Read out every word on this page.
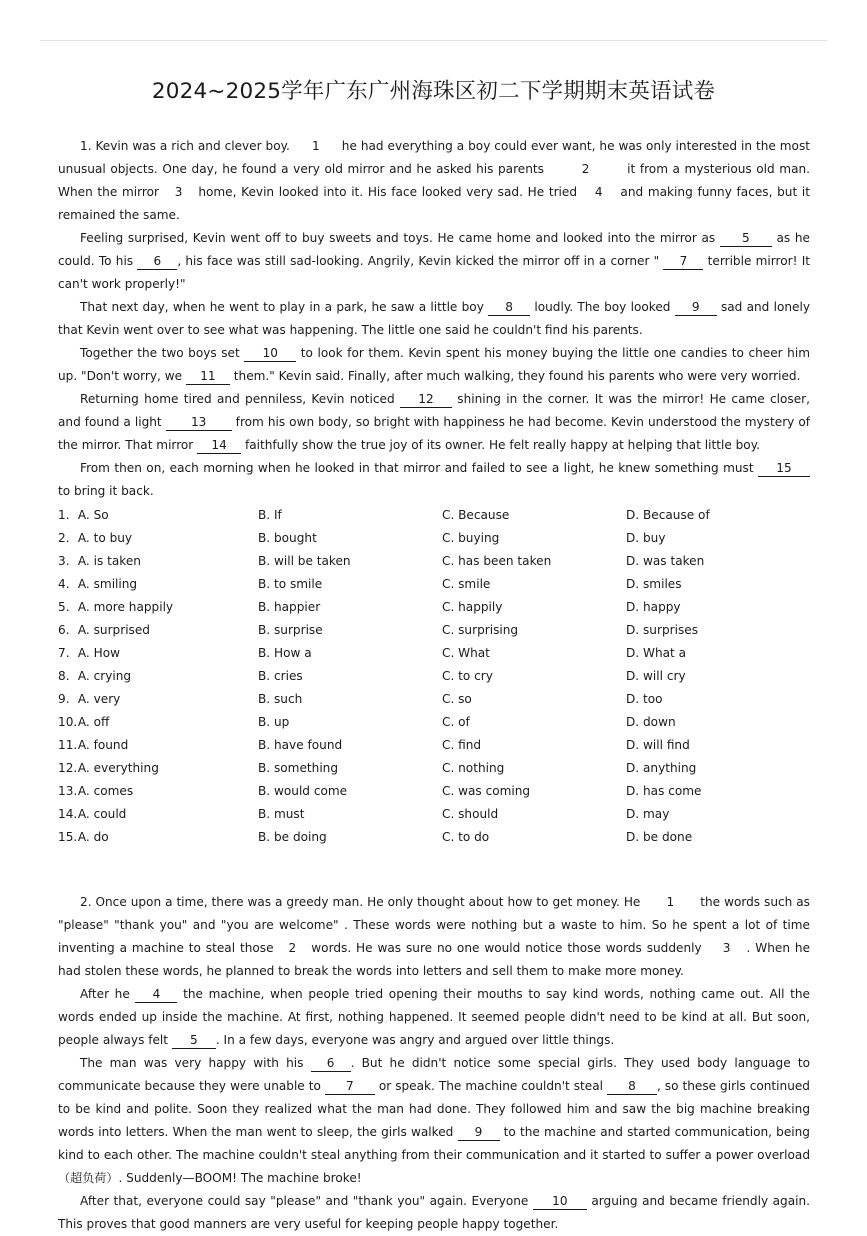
2024~2025学年广东广州海珠区初二下学期期末英语试卷

1. Kevin was a rich and clever boy. 1 he had everything a boy could ever want, he was only interested in the most unusual objects. One day, he found a very old mirror and he asked his parents	2	it from a mysterious old man. When the mirror 3 home, Kevin looked into it. His face looked very sad. He tried 4 and making funny faces, but it remained the same.

Feeling surprised, Kevin went off to buy sweets and toys. He came home and looked into the mirror as 5 as he could. To his 6 , his face was still sad-looking. Angrily, Kevin kicked the mirror off in a corner " 7 terrible mirror! It can't work properly!"

That next day, when he went to play in a park, he saw a little boy 8 loudly. The boy looked 9 sad and lonely that Kevin went over to see what was happening. The little one said he couldn't find his parents.

Together the two boys set 10 to look for them. Kevin spent his money buying the little one candies to cheer him up. "Don't worry, we 11 them." Kevin said. Finally, after much walking, they found his parents who were very worried.

Returning home tired and penniless, Kevin noticed 12 shining in the corner. It was the mirror! He came closer, and found a light 13 from his own body, so bright with happiness he had become. Kevin understood the mystery of the mirror. That mirror 14 faithfully show the true joy of its owner. He felt really happy at helping that little boy.

From then on, each morning when he looked in that mirror and failed to see a light, he knew something must 15 to bring it back.

1. A. So	B. If	C. Because	D. Because of
2. A. to buy	B. bought	C. buying	D. buy
3. A. is taken	B. will be taken	C. has been taken	D. was taken
4. A. smiling	B. to smile	C. smile	D. smiles
5. A. more happily	B. happier	C. happily	D. happy
6. A. surprised	B. surprise	C. surprising	D. surprises
7. A. How	B. How a	C. What	D. What a
8. A. crying	B. cries	C. to cry	D. will cry
9. A. very	B. such	C. so	D. too
10. A. off	B. up	C. of	D. down
11. A. found	B. have found	C. find	D. will find
12. A. everything	B. something	C. nothing	D. anything
13. A. comes	B. would come	C. was coming	D. has come
14. A. could	B. must	C. should	D. may
15. A. do	B. be doing	C. to do	D. be done

2. Once upon a time, there was a greedy man. He only thought about how to get money. He 1 the words such as "please" "thank you" and "you are welcome" . These words were nothing but a waste to him. So he spent a lot of time inventing a machine to steal those 2 words. He was sure no one would notice those words suddenly 3 . When he had stolen these words, he planned to break the words into letters and sell them to make more money.

After he 4 the machine, when people tried opening their mouths to say kind words, nothing came out. All the words ended up inside the machine. At first, nothing happened. It seemed people didn't need to be kind at all. But soon, people always felt 5 . In a few days, everyone was angry and argued over little things.

The man was very happy with his 6 . But he didn't notice some special girls. They used body language to communicate because they were unable to 7 or speak. The machine couldn't steal 8 , so these girls continued to be kind and polite. Soon they realized what the man had done. They followed him and saw the big machine breaking words into letters. When the man went to sleep, the girls walked 9 to the machine and started communication, being kind to each other. The machine couldn't steal anything from their communication and it started to suffer a power overload （超负荷）. Suddenly—BOOM! The machine broke!

After that, everyone could say "please" and "thank you" again. Everyone 10 arguing and became friendly again. This proves that good manners are very useful for keeping people happy together.
